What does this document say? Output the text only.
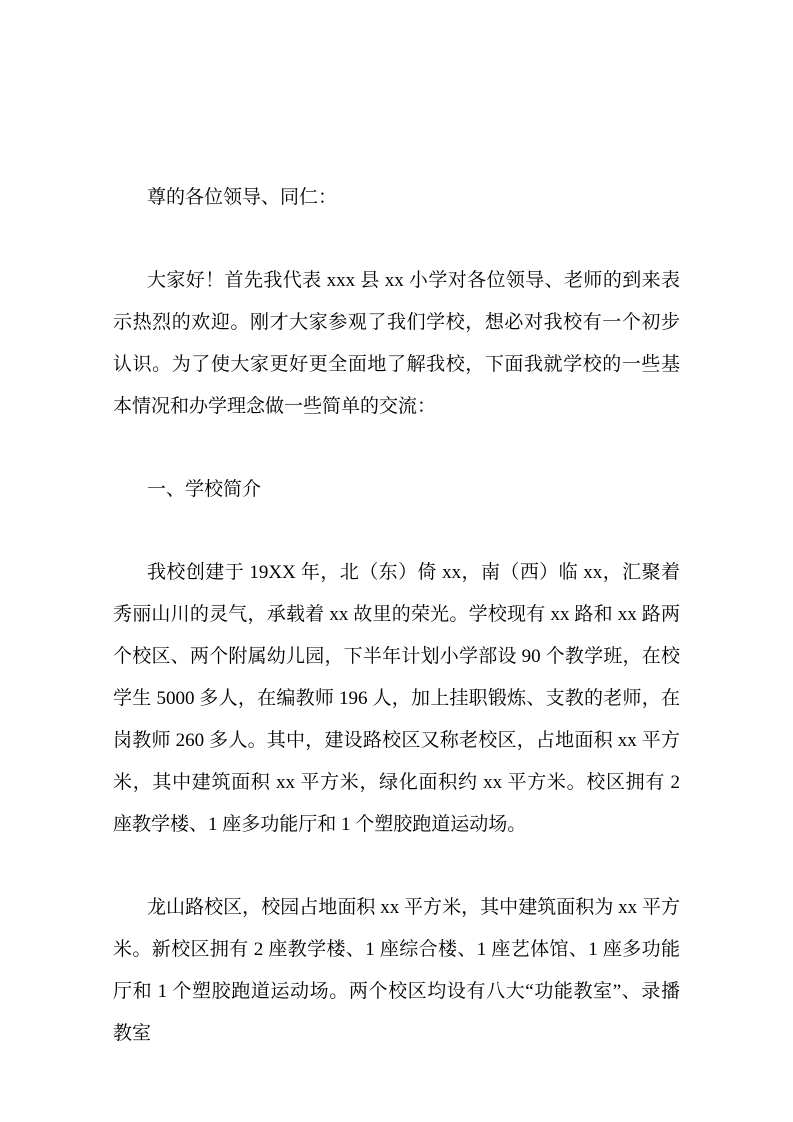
尊的各位领导、同仁：

大家好！首先我代表 xxx 县 xx 小学对各位领导、老师的到来表示热烈的欢迎。刚才大家参观了我们学校，想必对我校有一个初步认识。为了使大家更好更全面地了解我校，下面我就学校的一些基本情况和办学理念做一些简单的交流：

一、学校简介

我校创建于 19XX 年，北（东）倚 xx，南（西）临 xx，汇聚着秀丽山川的灵气，承载着 xx 故里的荣光。学校现有 xx 路和 xx 路两个校区、两个附属幼儿园，下半年计划小学部设 90 个教学班，在校学生 5000 多人，在编教师 196 人，加上挂职锻炼、支教的老师，在岗教师 260 多人。其中，建设路校区又称老校区，占地面积 xx 平方米，其中建筑面积 xx 平方米，绿化面积约 xx 平方米。校区拥有 2 座教学楼、1 座多功能厅和 1 个塑胶跑道运动场。

龙山路校区，校园占地面积 xx 平方米，其中建筑面积为 xx 平方米。新校区拥有 2 座教学楼、1 座综合楼、1 座艺体馆、1 座多功能厅和 1 个塑胶跑道运动场。两个校区均设有八大“功能教室”、录播教室
